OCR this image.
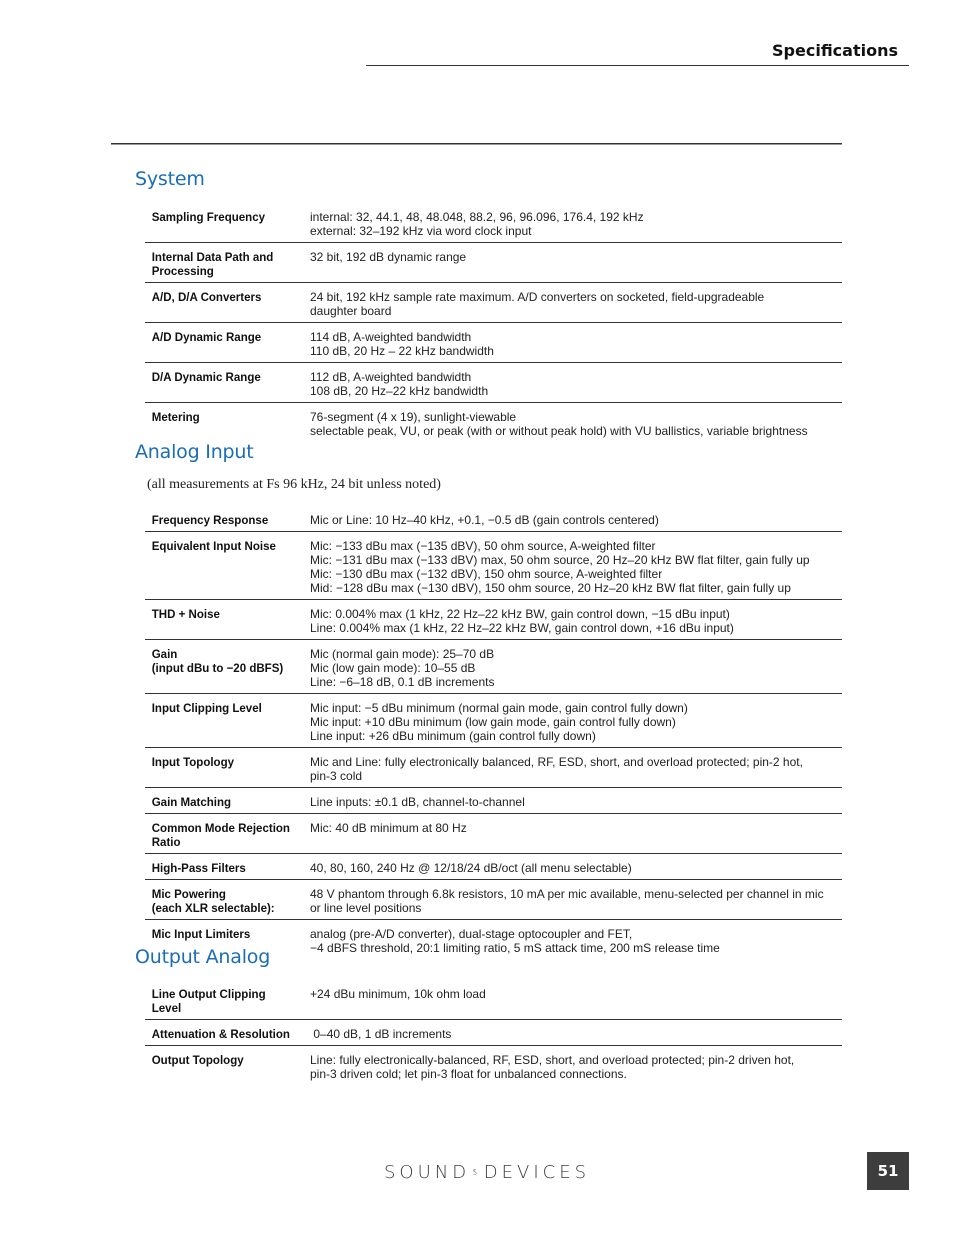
Specifications
System
Sampling Frequency	internal: 32, 44.1, 48, 48.048, 88.2, 96, 96.096, 176.4, 192 kHz
external: 32–192 kHz via word clock input

Internal Data Path and
Processing	32 bit, 192 dB dynamic range

A/D, D/A Converters	24 bit, 192 kHz sample rate maximum. A/D converters on socketed, field-upgradeable
daughter board

A/D Dynamic Range	114 dB, A-weighted bandwidth
110 dB, 20 Hz – 22 kHz bandwidth

D/A Dynamic Range	112 dB, A-weighted bandwidth
108 dB, 20 Hz–22 kHz bandwidth

Metering	76-segment (4 x 19), sunlight-viewable
selectable peak, VU, or peak (with or without peak hold) with VU ballistics, variable brightness
Analog Input
(all measurements at Fs 96 kHz, 24 bit unless noted)
Frequency Response	Mic or Line: 10 Hz–40 kHz, +0.1, −0.5 dB (gain controls centered)

Equivalent Input Noise	Mic: −133 dBu max (−135 dBV), 50 ohm source, A-weighted filter
Mic: −131 dBu max (−133 dBV) max, 50 ohm source, 20 Hz–20 kHz BW flat filter, gain fully up
Mic: −130 dBu max (−132 dBV), 150 ohm source, A-weighted filter
Mid: −128 dBu max (−130 dBV), 150 ohm source, 20 Hz–20 kHz BW flat filter, gain fully up

THD + Noise	Mic: 0.004% max (1 kHz, 22 Hz–22 kHz BW, gain control down, −15 dBu input)
Line: 0.004% max (1 kHz, 22 Hz–22 kHz BW, gain control down, +16 dBu input)

Gain
(input dBu to −20 dBFS)	Mic (normal gain mode): 25–70 dB
Mic (low gain mode): 10–55 dB
Line: −6–18 dB, 0.1 dB increments

Input Clipping Level	Mic input: −5 dBu minimum (normal gain mode, gain control fully down)
Mic input: +10 dBu minimum (low gain mode, gain control fully down)
Line input: +26 dBu minimum (gain control fully down)

Input Topology	Mic and Line: fully electronically balanced, RF, ESD, short, and overload protected; pin-2 hot,
pin-3 cold

Gain Matching	Line inputs: ±0.1 dB, channel-to-channel

Common Mode Rejection
Ratio	Mic: 40 dB minimum at 80 Hz

High-Pass Filters	40, 80, 160, 240 Hz @ 12/18/24 dB/oct (all menu selectable)

Mic Powering
(each XLR selectable):	48 V phantom through 6.8k resistors, 10 mA per mic available, menu-selected per channel in mic
or line level positions

Mic Input Limiters	analog (pre-A/D converter), dual-stage optocoupler and FET,
−4 dBFS threshold, 20:1 limiting ratio, 5 mS attack time, 200 mS release time
Output Analog
Line Output Clipping
Level	+24 dBu minimum, 10k ohm load

Attenuation & Resolution	0–40 dB, 1 dB increments

Output Topology	Line: fully electronically-balanced, RF, ESD, short, and overload protected; pin-2 driven hot,
pin-3 driven cold; let pin-3 float for unbalanced connections.
SOUND DEVICES	51
